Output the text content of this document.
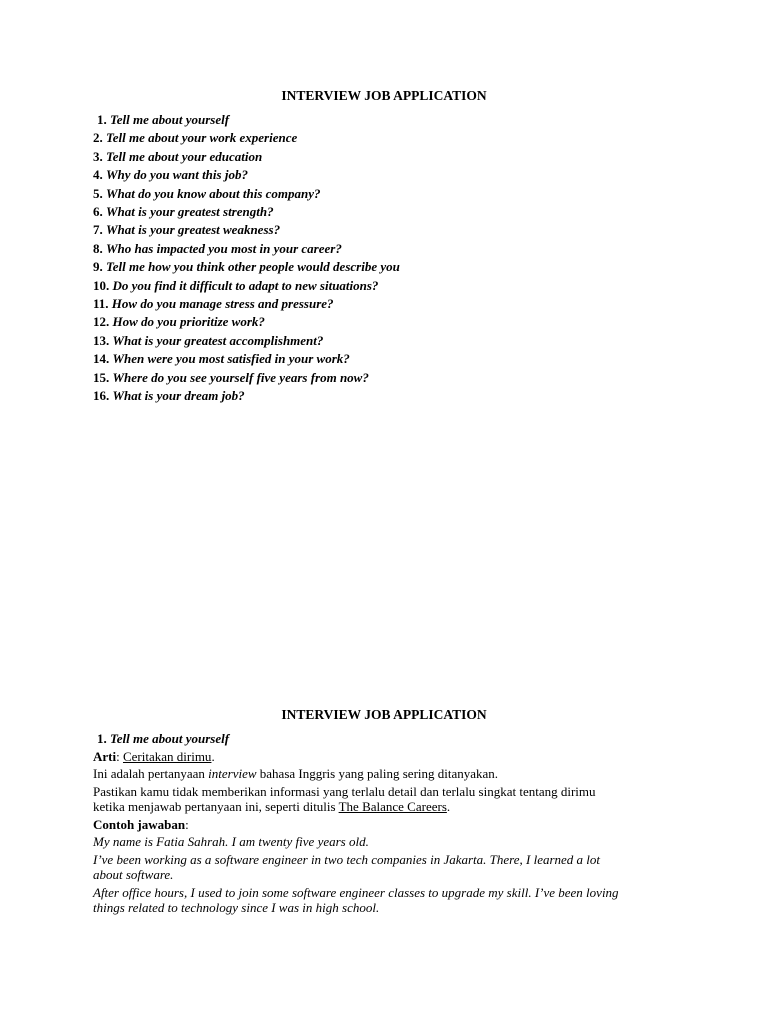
INTERVIEW JOB APPLICATION
1. Tell me about yourself
2. Tell me about your work experience
3. Tell me about your education
4. Why do you want this job?
5. What do you know about this company?
6. What is your greatest strength?
7. What is your greatest weakness?
8. Who has impacted you most in your career?
9. Tell me how you think other people would describe you
10. Do you find it difficult to adapt to new situations?
11. How do you manage stress and pressure?
12. How do you prioritize work?
13. What is your greatest accomplishment?
14. When were you most satisfied in your work?
15. Where do you see yourself five years from now?
16. What is your dream job?
INTERVIEW JOB APPLICATION
1. Tell me about yourself
Arti: Ceritakan dirimu.
Ini adalah pertanyaan interview bahasa Inggris yang paling sering ditanyakan.
Pastikan kamu tidak memberikan informasi yang terlalu detail dan terlalu singkat tentang dirimu
ketika menjawab pertanyaan ini, seperti ditulis The Balance Careers.
Contoh jawaban:
My name is Fatia Sahrah. I am twenty five years old.
I’ve been working as a software engineer in two tech companies in Jakarta. There, I learned a lot
about software.
After office hours, I used to join some software engineer classes to upgrade my skill. I’ve been loving
things related to technology since I was in high school.
